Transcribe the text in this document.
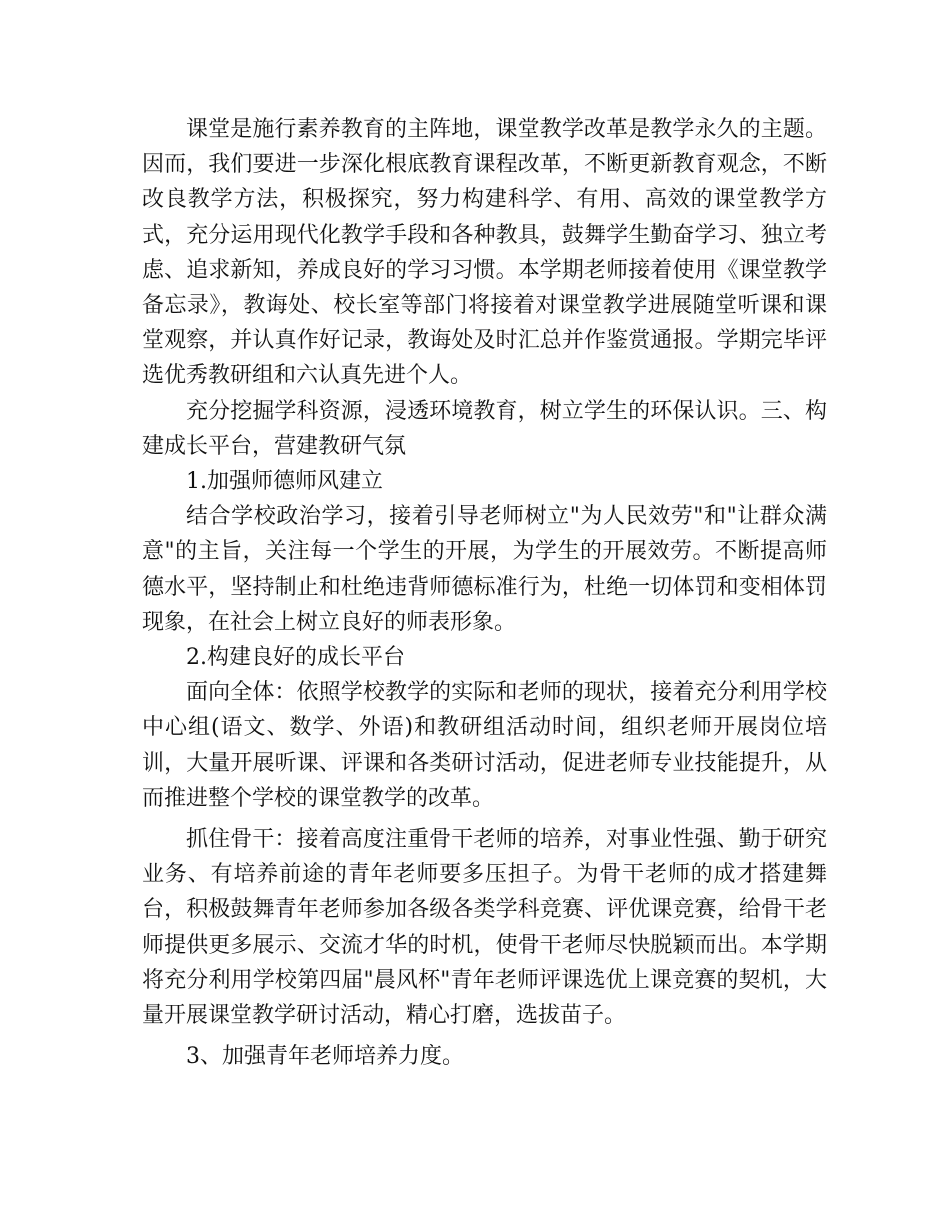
课堂是施行素养教育的主阵地，课堂教学改革是教学永久的主题。因而，我们要进一步深化根底教育课程改革，不断更新教育观念，不断改良教学方法，积极探究，努力构建科学、有用、高效的课堂教学方式，充分运用现代化教学手段和各种教具，鼓舞学生勤奋学习、独立考虑、追求新知，养成良好的学习习惯。本学期老师接着使用《课堂教学备忘录》，教诲处、校长室等部门将接着对课堂教学进展随堂听课和课堂观察，并认真作好记录，教诲处及时汇总并作鉴赏通报。学期完毕评选优秀教研组和六认真先进个人。

充分挖掘学科资源，浸透环境教育，树立学生的环保认识。三、构建成长平台，营建教研气氛

1.加强师德师风建立

结合学校政治学习，接着引导老师树立"为人民效劳"和"让群众满意"的主旨，关注每一个学生的开展，为学生的开展效劳。不断提高师德水平，坚持制止和杜绝违背师德标准行为，杜绝一切体罚和变相体罚现象，在社会上树立良好的师表形象。

2.构建良好的成长平台

面向全体：依照学校教学的实际和老师的现状，接着充分利用学校中心组(语文、数学、外语)和教研组活动时间，组织老师开展岗位培训，大量开展听课、评课和各类研讨活动，促进老师专业技能提升，从而推进整个学校的课堂教学的改革。

抓住骨干：接着高度注重骨干老师的培养，对事业性强、勤于研究业务、有培养前途的青年老师要多压担子。为骨干老师的成才搭建舞台，积极鼓舞青年老师参加各级各类学科竞赛、评优课竞赛，给骨干老师提供更多展示、交流才华的时机，使骨干老师尽快脱颖而出。本学期将充分利用学校第四届"晨风杯"青年老师评课选优上课竞赛的契机，大量开展课堂教学研讨活动，精心打磨，选拔苗子。

3、加强青年老师培养力度。
